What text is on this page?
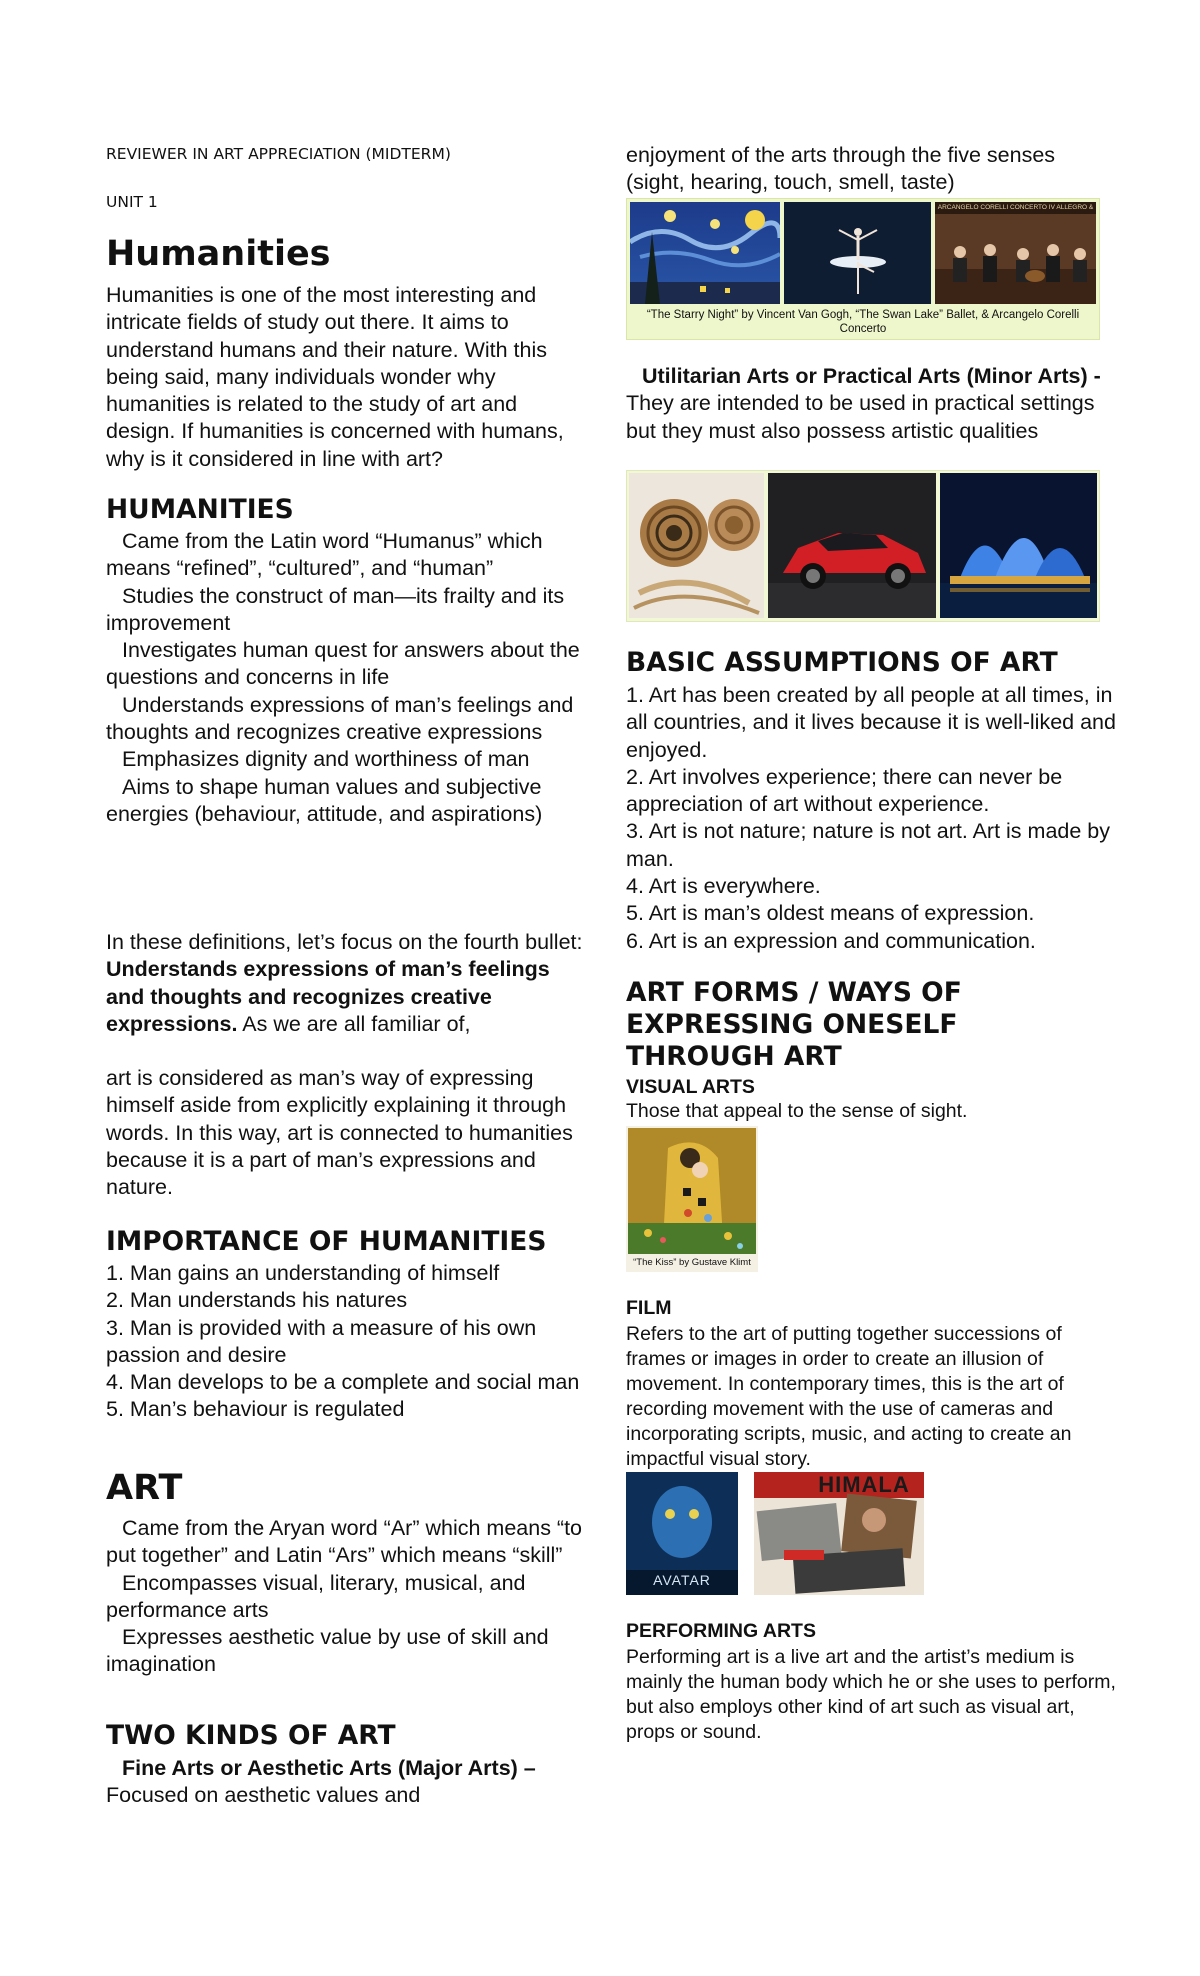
REVIEWER IN ART APPRECIATION (MIDTERM)

UNIT 1

Humanities

Humanities is one of the most interesting and intricate fields of study out there. It aims to understand humans and their nature. With this being said, many individuals wonder why humanities is related to the study of art and design. If humanities is concerned with humans, why is it considered in line with art?

HUMANITIES

Came from the Latin word “Humanus” which means “refined”, “cultured”, and “human”

Studies the construct of man—its frailty and its improvement

Investigates human quest for answers about the questions and concerns in life

Understands expressions of man’s feelings and thoughts and recognizes creative expressions

Emphasizes dignity and worthiness of man

Aims to shape human values and subjective energies (behaviour, attitude, and aspirations)

In these definitions, let’s focus on the fourth bullet: Understands expressions of man’s feelings and thoughts and recognizes creative expressions. As we are all familiar of,

art is considered as man’s way of expressing himself aside from explicitly explaining it through words. In this way, art is connected to humanities because it is a part of man’s expressions and nature.

IMPORTANCE OF HUMANITIES

1. Man gains an understanding of himself

2. Man understands his natures

3. Man is provided with a measure of his own passion and desire

4. Man develops to be a complete and social man

5. Man’s behaviour is regulated

ART

Came from the Aryan word “Ar” which means “to put together” and Latin “Ars” which means “skill”

Encompasses visual, literary, musical, and performance arts

Expresses aesthetic value by use of skill and imagination

TWO KINDS OF ART

Fine Arts or Aesthetic Arts (Major Arts) –

Focused on aesthetic values and

enjoyment of the arts through the five senses (sight, hearing, touch, smell, taste)

ARCANGELO CORELLI CONCERTO IV ALLEGRO &
“The Starry Night” by Vincent Van Gogh, “The Swan Lake” Ballet, & Arcangelo Corelli Concerto

Utilitarian Arts or Practical Arts (Minor Arts) - They are intended to be used in practical settings but they must also possess artistic qualities

BASIC ASSUMPTIONS OF ART

1. Art has been created by all people at all times, in all countries, and it lives because it is well-liked and enjoyed.

2. Art involves experience; there can never be appreciation of art without experience.

3. Art is not nature; nature is not art. Art is made by man.

4. Art is everywhere.

5. Art is man’s oldest means of expression.

6. Art is an expression and communication.

ART FORMS / WAYS OF EXPRESSING ONESELF THROUGH ART

VISUAL ARTS

Those that appeal to the sense of sight.

“The Kiss” by Gustave Klimt

FILM

Refers to the art of putting together successions of frames or images in order to create an illusion of movement. In contemporary times, this is the art of recording movement with the use of cameras and incorporating scripts, music, and acting to create an impactful visual story.

AVATAR
HIMALA

PERFORMING ARTS

Performing art is a live art and the artist’s medium is mainly the human body which he or she uses to perform, but also employs other kind of art such as visual art, props or sound.
